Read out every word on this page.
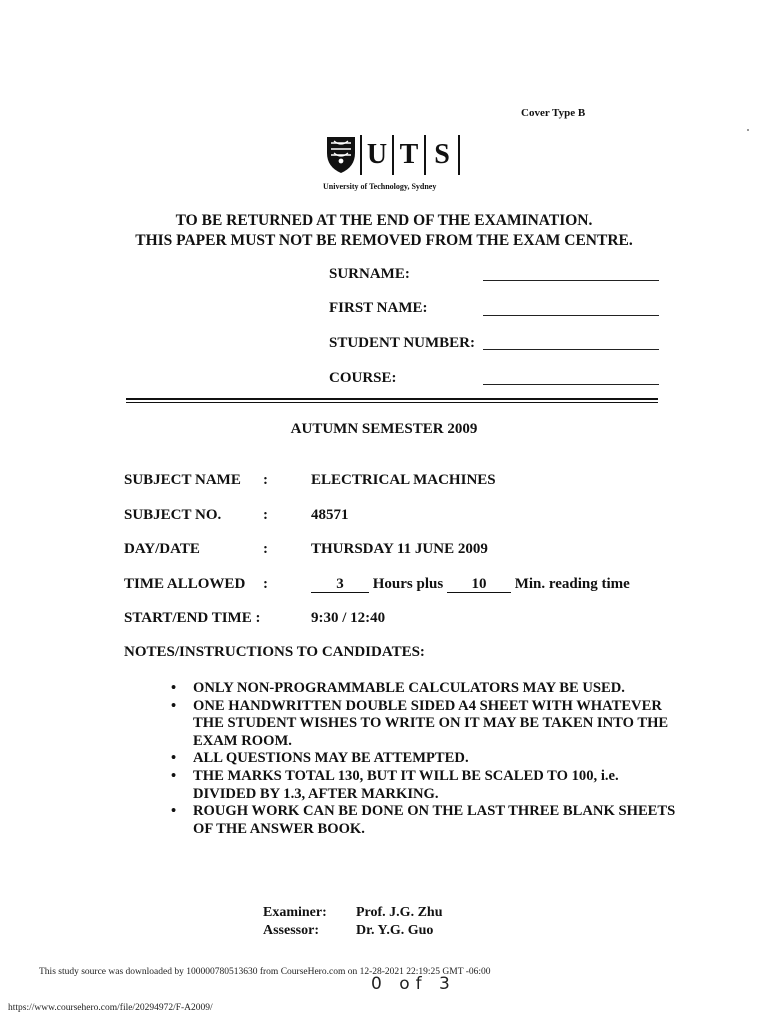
Cover Type B
U T S
University of Technology, Sydney
TO BE RETURNED AT THE END OF THE EXAMINATION.
THIS PAPER MUST NOT BE REMOVED FROM THE EXAM CENTRE.
SURNAME:
FIRST NAME:
STUDENT NUMBER:
COURSE:
AUTUMN SEMESTER 2009
SUBJECT NAME :	ELECTRICAL MACHINES
SUBJECT NO.	:	48571
DAY/DATE	:	THURSDAY 11 JUNE 2009
TIME ALLOWED :	3 Hours plus 10 Min. reading time
START/END TIME :	9:30 / 12:40
NOTES/INSTRUCTIONS TO CANDIDATES:
• ONLY NON-PROGRAMMABLE CALCULATORS MAY BE USED.
• ONE HANDWRITTEN DOUBLE SIDED A4 SHEET WITH WHATEVER THE STUDENT WISHES TO WRITE ON IT MAY BE TAKEN INTO THE EXAM ROOM.
• ALL QUESTIONS MAY BE ATTEMPTED.
• THE MARKS TOTAL 130, BUT IT WILL BE SCALED TO 100, i.e. DIVIDED BY 1.3, AFTER MARKING.
• ROUGH WORK CAN BE DONE ON THE LAST THREE BLANK SHEETS OF THE ANSWER BOOK.
Examiner: Prof. J.G. Zhu
Assessor:	Dr. Y.G. Guo
This study source was downloaded by 100000780513630 from CourseHero.com on 12-28-2021 22:19:25 GMT -06:00
0 of 3
https://www.coursehero.com/file/20294972/F-A2009/
